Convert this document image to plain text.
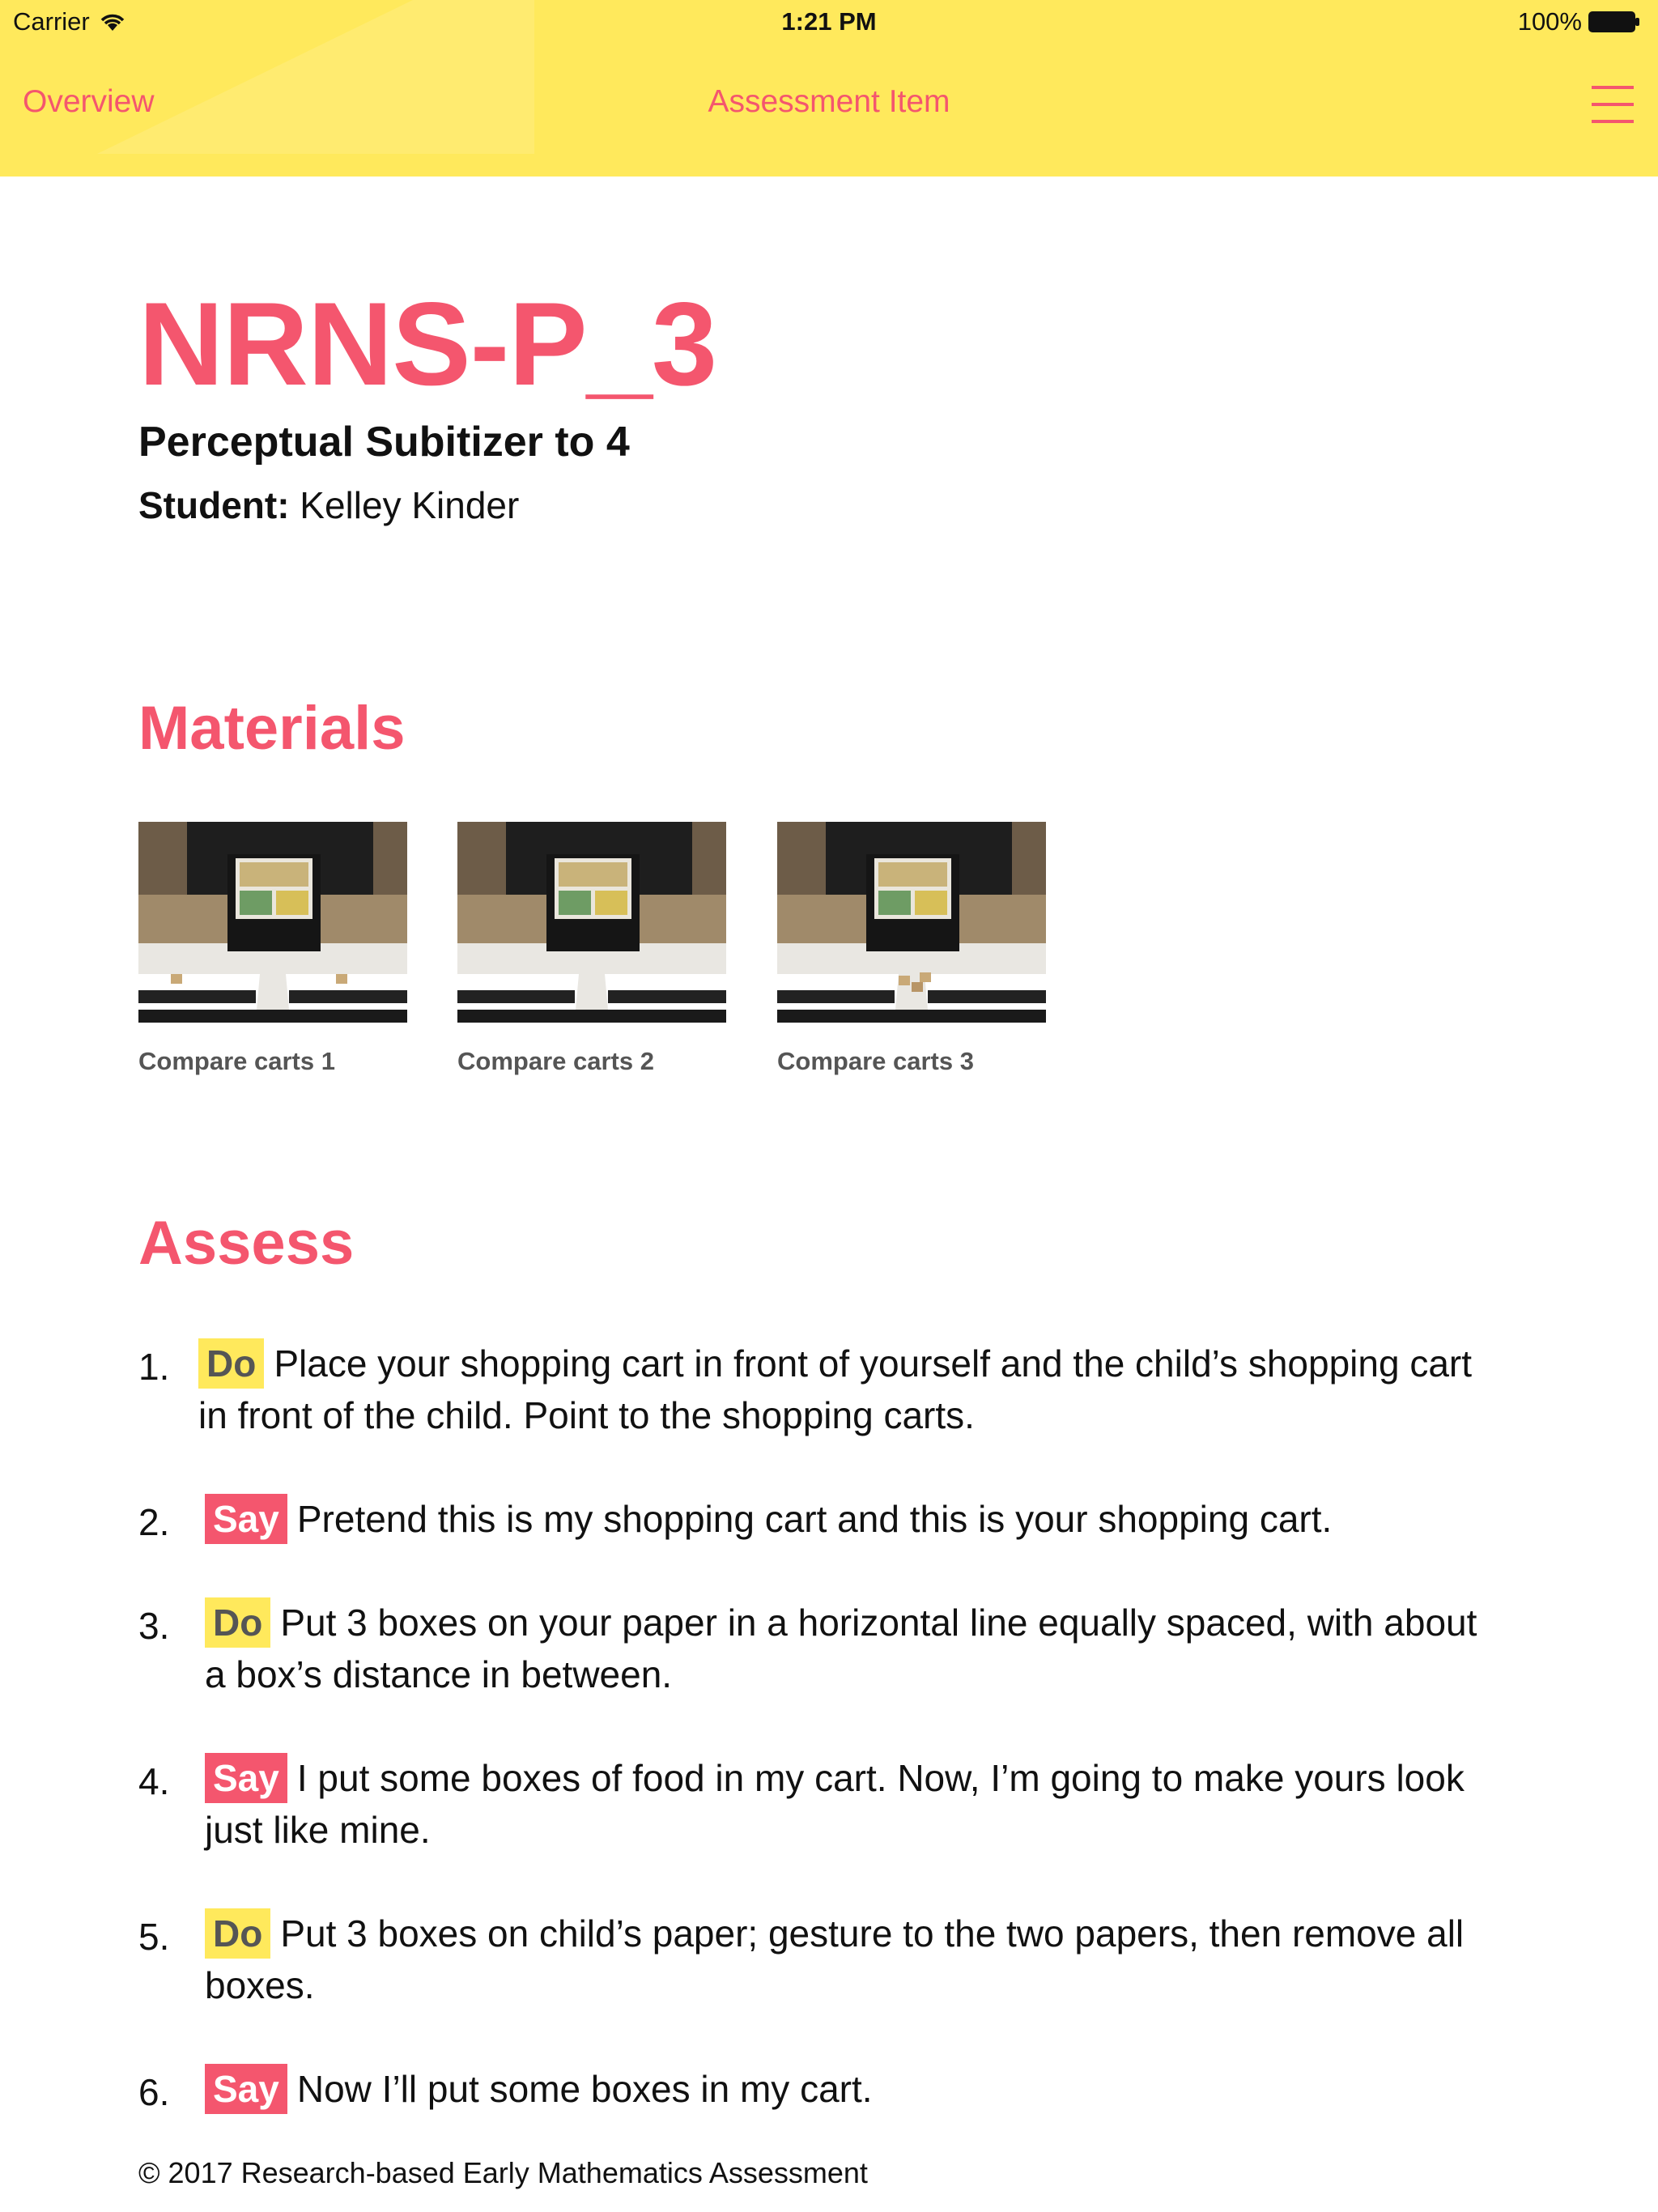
Carrier	1:21 PM	100%
Overview	Assessment Item
NRNS-P_3
Perceptual Subitizer to 4

Student: Kelley Kinder

Materials
Compare carts 1	Compare carts 2	Compare carts 3
Assess
1. Do Place your shopping cart in front of yourself and the child’s shopping cart in front of the child. Point to the shopping carts.
2.	Say Pretend this is my shopping cart and this is your shopping cart.
3.	Do Put 3 boxes on your paper in a horizontal line equally spaced, with about a box’s distance in between.
4.	Say I put some boxes of food in my cart. Now, I’m going to make yours look just like mine.
5.	Do Put 3 boxes on child’s paper; gesture to the two papers, then remove all boxes.
6.	Say Now I’ll put some boxes in my cart.
© 2017 Research-based Early Mathematics Assessment
